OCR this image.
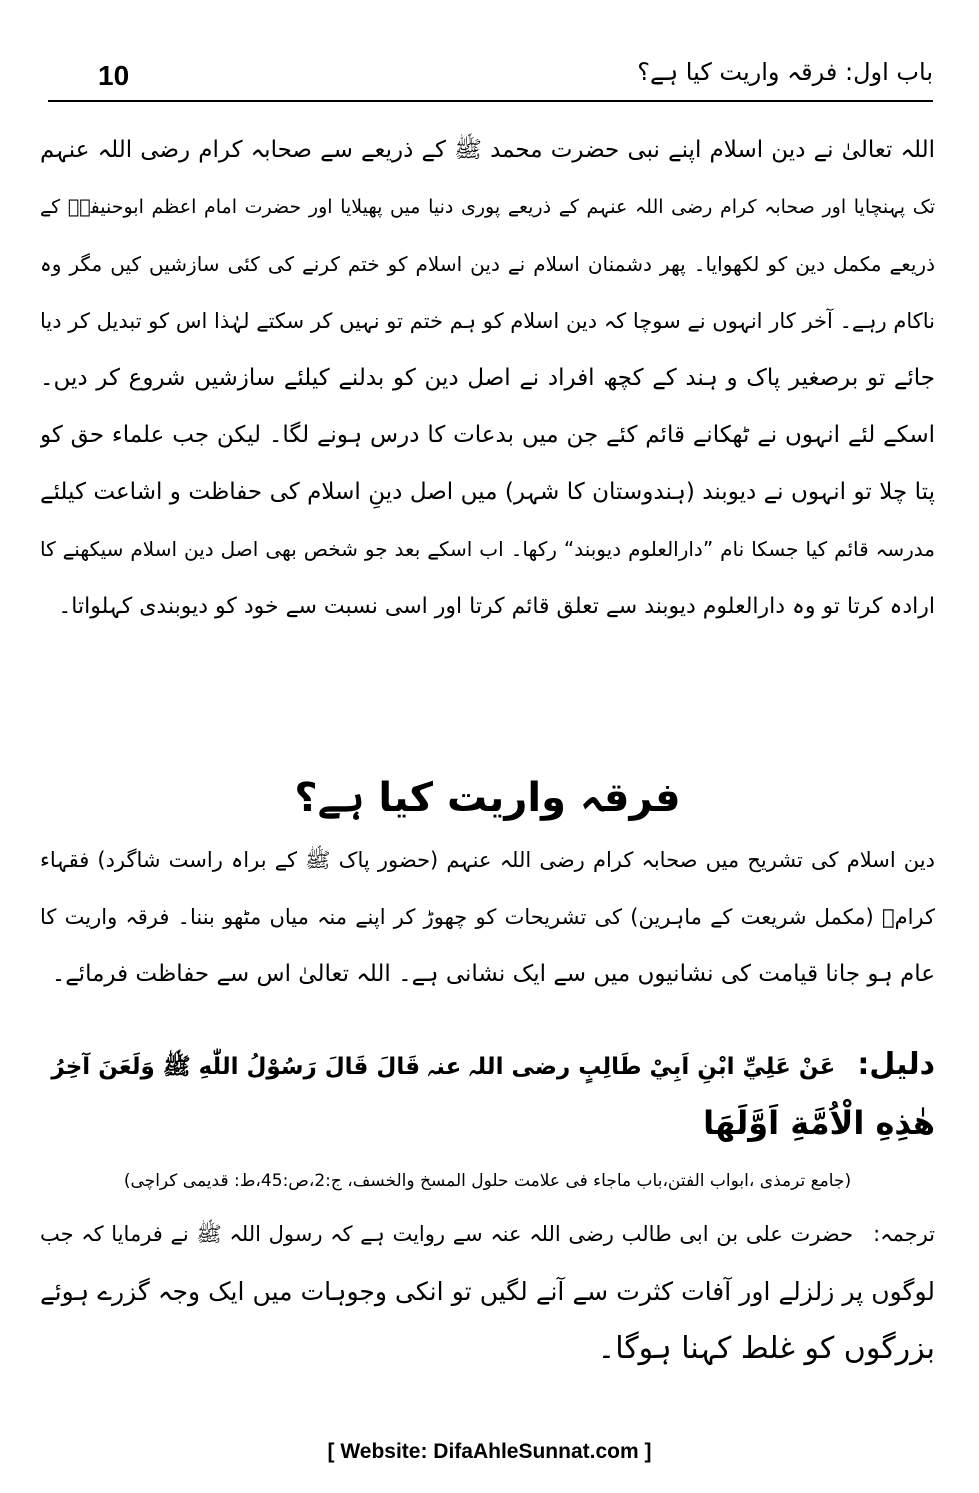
10	باب اول: فرقہ واریت کیا ہے؟
اللہ تعالیٰ نے دین اسلام اپنے نبی حضرت محمد ﷺ کے ذریعے سے صحابہ کرام رضی اللہ عنہم
تک پہنچایا اور صحابہ کرام رضی اللہ عنہم کے ذریعے پوری دنیا میں پھیلایا اور حضرت امام اعظم ابوحنیفہؒ کے
ذریعے مکمل دین کو لکھوایا۔ پھر دشمنان اسلام نے دین اسلام کو ختم کرنے کی کئی سازشیں کیں مگر وہ
ناکام رہے۔ آخر کار انہوں نے سوچا کہ دین اسلام کو ہم ختم تو نہیں کر سکتے لہٰذا اس کو تبدیل کر دیا
جائے تو برصغیر پاک و ہند کے کچھ افراد نے اصل دین کو بدلنے کیلئے سازشیں شروع کر دیں۔
اسکے لئے انہوں نے ٹھکانے قائم کئے جن میں بدعات کا درس ہونے لگا۔ لیکن جب علماء حق کو
پتا چلا تو انہوں نے دیوبند (ہندوستان کا شہر) میں اصل دینِ اسلام کی حفاظت و اشاعت کیلئے
مدرسہ قائم کیا جسکا نام ”دارالعلوم دیوبند“ رکھا۔ اب اسکے بعد جو شخص بھی اصل دین اسلام سیکھنے کا
ارادہ کرتا تو وہ دارالعلوم دیوبند سے تعلق قائم کرتا اور اسی نسبت سے خود کو دیوبندی کہلواتا۔
فرقہ واریت کیا ہے؟
دین اسلام کی تشریح میں صحابہ کرام رضی اللہ عنہم (حضور پاک ﷺ کے براہ راست شاگرد) فقہاء
کرامؒ (مکمل شریعت کے ماہرین) کی تشریحات کو چھوڑ کر اپنے منہ میاں مٹھو بننا۔ فرقہ واریت کا
عام ہو جانا قیامت کی نشانیوں میں سے ایک نشانی ہے۔ اللہ تعالیٰ اس سے حفاظت فرمائے۔
دلیل:عَنْ عَلِيِّ ابْنِ اَبِيْ طَالِبٍ رضی اللہ عنہ قَالَ قَالَ رَسُوْلُ اللّٰهِ ﷺ وَلَعَنَ آخِرُ
هٰذِهِ الْاُمَّةِ اَوَّلَهَا
(جامع ترمذی ،ابواب الفتن،باب ماجاء فی علامت حلول المسخ والخسف، ج:2،ص:45،ط: قدیمی کراچی)
ترجمہ:حضرت علی بن ابی طالب رضی اللہ عنہ سے روایت ہے کہ رسول اللہ ﷺ نے فرمایا کہ جب
لوگوں پر زلزلے اور آفات کثرت سے آنے لگیں تو انکی وجوہات میں ایک وجہ گزرے ہوئے
بزرگوں کو غلط کہنا ہوگا۔
[ Website: DifaAhleSunnat.com ]
